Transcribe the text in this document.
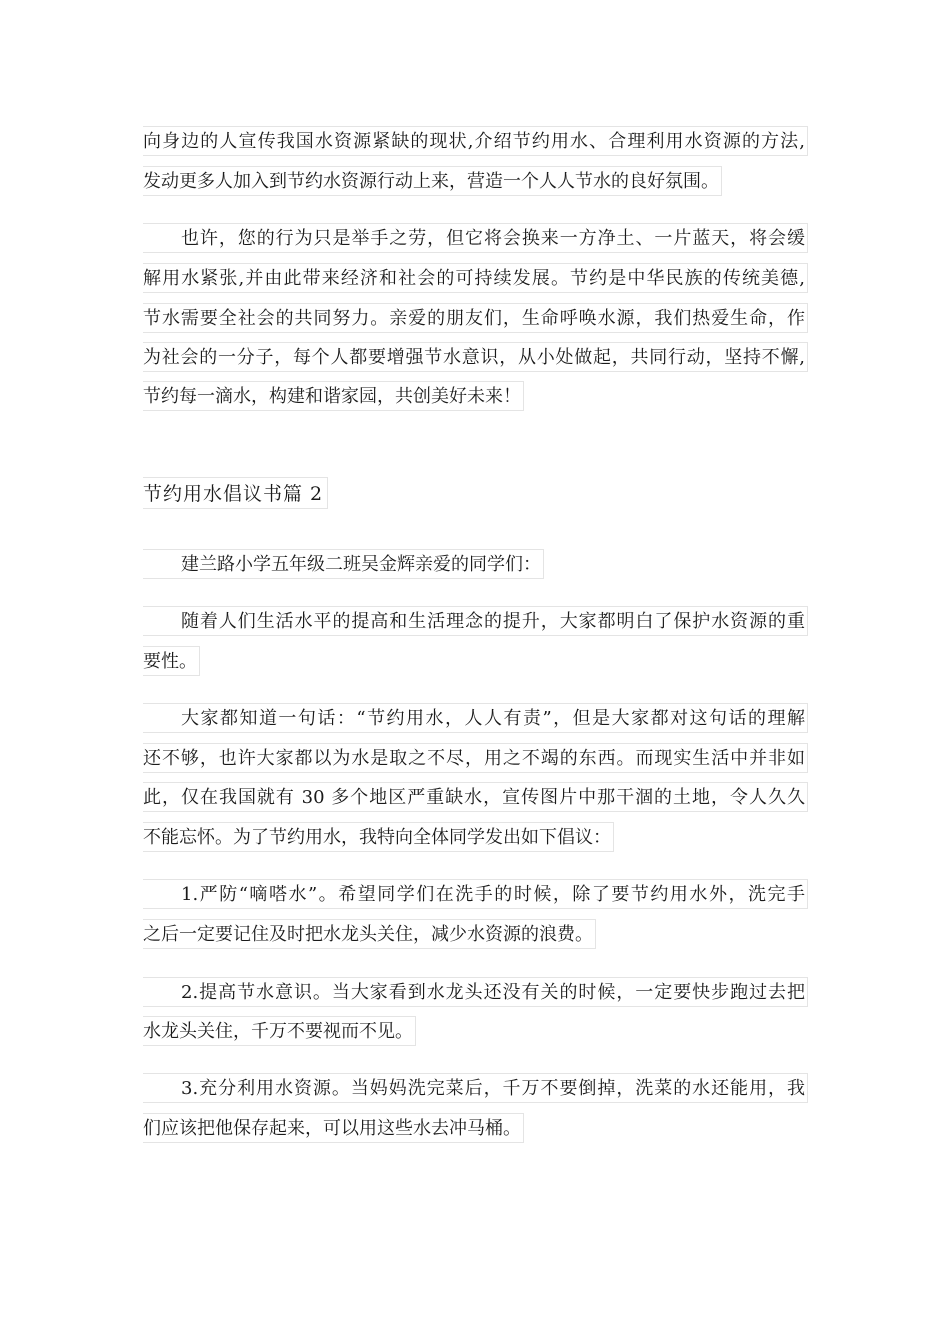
向身边的人宣传我国水资源紧缺的现状,介绍节约用水、合理利用水资源的方法,
发动更多人加入到节约水资源行动上来，营造一个人人节水的良好氛围。
也许，您的行为只是举手之劳，但它将会换来一方净土、一片蓝天，将会缓
解用水紧张,并由此带来经济和社会的可持续发展。节约是中华民族的传统美德,
节水需要全社会的共同努力。亲爱的朋友们，生命呼唤水源，我们热爱生命，作
为社会的一分子，每个人都要增强节水意识，从小处做起，共同行动，坚持不懈,
节约每一滴水，构建和谐家园，共创美好未来！
节约用水倡议书篇 2
建兰路小学五年级二班吴金辉亲爱的同学们：
随着人们生活水平的提高和生活理念的提升，大家都明白了保护水资源的重
要性。
大家都知道一句话：“节约用水，人人有责”，但是大家都对这句话的理解
还不够，也许大家都以为水是取之不尽，用之不竭的东西。而现实生活中并非如
此，仅在我国就有 30 多个地区严重缺水，宣传图片中那干涸的土地，令人久久
不能忘怀。为了节约用水，我特向全体同学发出如下倡议：
1.严防“嘀嗒水”。希望同学们在洗手的时候，除了要节约用水外，洗完手
之后一定要记住及时把水龙头关住，减少水资源的浪费。
2.提高节水意识。当大家看到水龙头还没有关的时候，一定要快步跑过去把
水龙头关住，千万不要视而不见。
3.充分利用水资源。当妈妈洗完菜后，千万不要倒掉，洗菜的水还能用，我
们应该把他保存起来，可以用这些水去冲马桶。
